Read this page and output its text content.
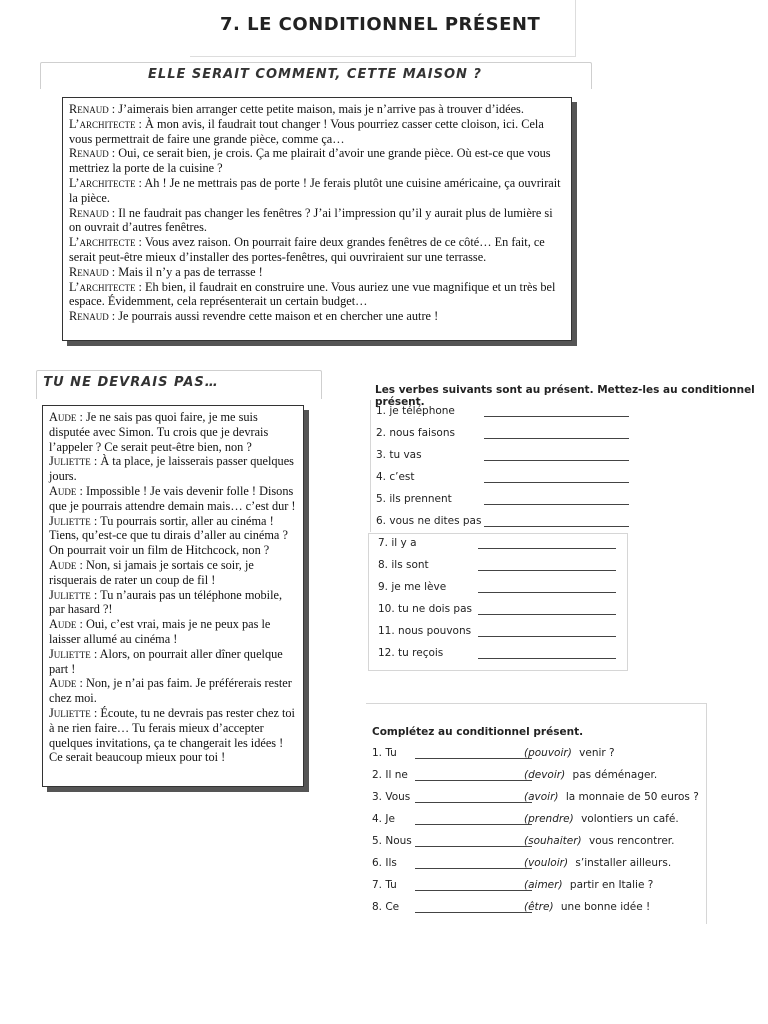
7. LE CONDITIONNEL PRÉSENT
ELLE SERAIT COMMENT, CETTE MAISON ?

Renaud : J’aimerais bien arranger cette petite maison, mais je n’arrive pas à trouver d’idées.

L’architecte : À mon avis, il faudrait tout changer ! Vous pourriez casser cette cloison, ici. Cela vous permettrait de faire une grande pièce, comme ça…

Renaud : Oui, ce serait bien, je crois. Ça me plairait d’avoir une grande pièce. Où est-ce que vous mettriez la porte de la cuisine ?

L’architecte : Ah ! Je ne mettrais pas de porte ! Je ferais plutôt une cuisine américaine, ça ouvrirait la pièce.

Renaud : Il ne faudrait pas changer les fenêtres ? J’ai l’impression qu’il y aurait plus de lumière si on ouvrait d’autres fenêtres.

L’architecte : Vous avez raison. On pourrait faire deux grandes fenêtres de ce côté… En fait, ce serait peut-être mieux d’installer des portes-fenêtres, qui ouvriraient sur une terrasse.

Renaud : Mais il n’y a pas de terrasse !

L’architecte : Eh bien, il faudrait en construire une. Vous auriez une vue magnifique et un très bel espace. Évidemment, cela représenterait un certain budget…

Renaud : Je pourrais aussi revendre cette maison et en chercher une autre !

TU NE DEVRAIS PAS…

Aude : Je ne sais pas quoi faire, je me suis disputée avec Simon. Tu crois que je devrais l’appeler ? Ce serait peut-être bien, non ?

Juliette : À ta place, je laisserais passer quelques jours.

Aude : Impossible ! Je vais devenir folle ! Disons que je pourrais attendre demain mais… c’est dur !

Juliette : Tu pourrais sortir, aller au cinéma ! Tiens, qu’est-ce que tu dirais d’aller au cinéma ? On pourrait voir un film de Hitchcock, non ?

Aude : Non, si jamais je sortais ce soir, je risquerais de rater un coup de fil !

Juliette : Tu n’aurais pas un téléphone mobile, par hasard ?!

Aude : Oui, c’est vrai, mais je ne peux pas le laisser allumé au cinéma !

Juliette : Alors, on pourrait aller dîner quelque part !

Aude : Non, je n’ai pas faim. Je préférerais rester chez moi.

Juliette : Écoute, tu ne devrais pas rester chez toi à ne rien faire… Tu ferais mieux d’accepter quelques invitations, ça te changerait les idées ! Ce serait beaucoup mieux pour toi !

Les verbes suivants sont au présent. Mettez-les au conditionnel présent.
1. je téléphone
2. nous faisons
3. tu vas
4. c’est
5. ils prennent
6. vous ne dites pas
7. il y a
8. ils sont
9. je me lève
10. tu ne dois pas
11. nous pouvons
12. tu reçois
Complétez au conditionnel présent.
1. Tu	(pouvoir) venir ?
2. Il ne	(devoir) pas déménager.
3. Vous	(avoir) la monnaie de 50 euros ?
4. Je	(prendre) volontiers un café.
5. Nous	(souhaiter) vous rencontrer.
6. Ils	(vouloir) s’installer ailleurs.
7. Tu	(aimer) partir en Italie ?
8. Ce	(être) une bonne idée !
